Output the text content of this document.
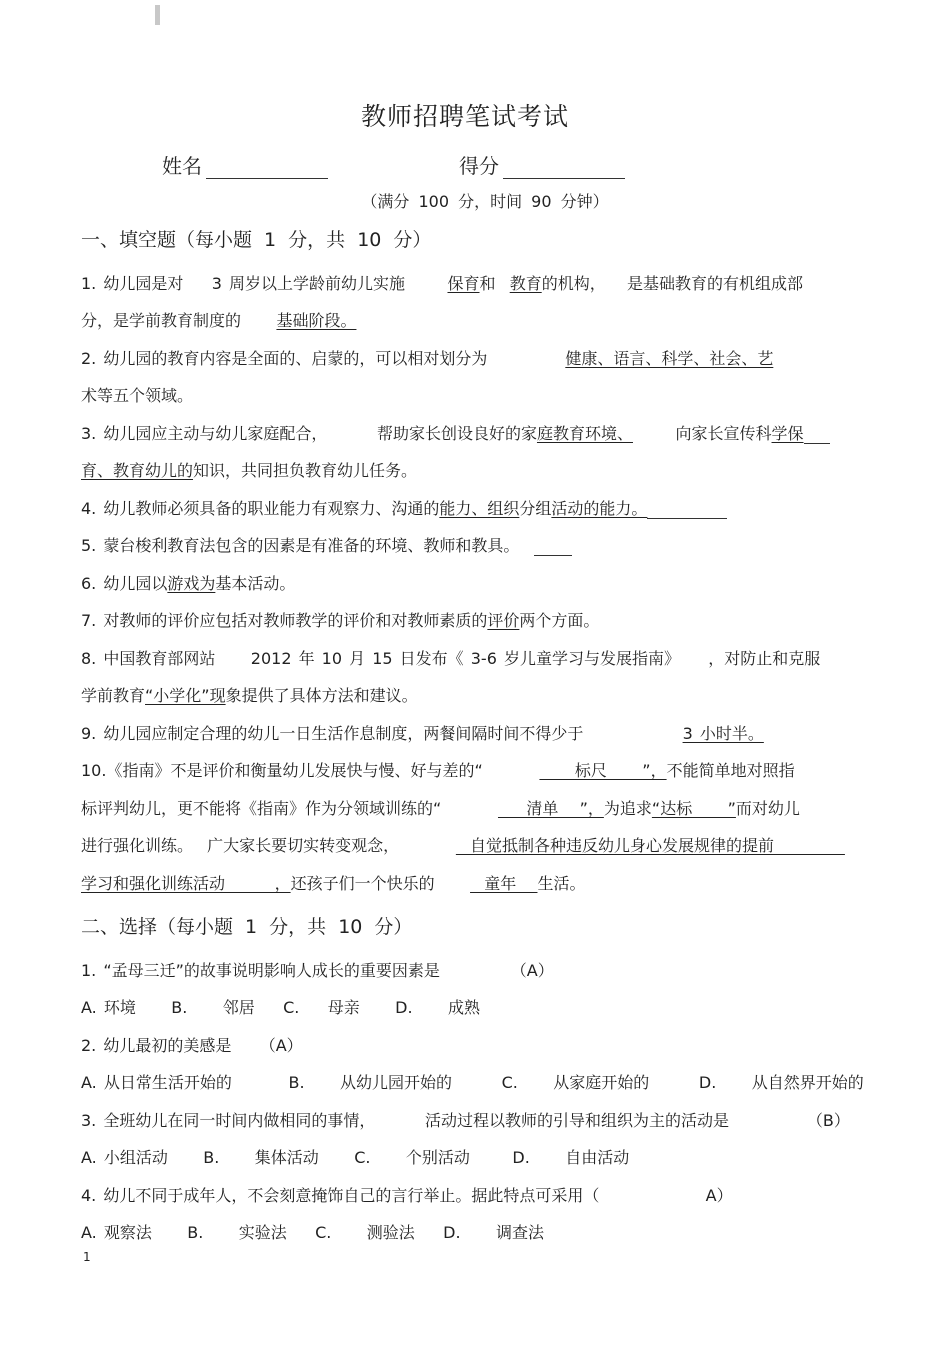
教师招聘笔试考试
姓名	得分
（满分 100 分，时间 90 分钟）
一、填空题（每小题 1 分，共 10 分）
1. 幼儿园是对    3 周岁以上学龄前幼儿实施      保育和  教育的机构，   是基础教育的有机组成部
分，是学前教育制度的     基础阶段。
2. 幼儿园的教育内容是全面的、启蒙的，可以相对划分为           健康、语言、科学、社会、艺
术等五个领域。
3. 幼儿园应主动与幼儿家庭配合，       帮助家长创设良好的家庭教育环境、      向家长宣传科学保
育、教育幼儿的知识，共同担负教育幼儿任务。
4. 幼儿教师必须具备的职业能力有观察力、沟通的能力、组织分组活动的能力。
5. 蒙台梭利教育法包含的因素是有准备的环境、教师和教具。
6. 幼儿园以游戏为基本活动。
7. 对教师的评价应包括对教师教学的评价和对教师素质的评价两个方面。
8. 中国教育部网站     2012 年 10 月 15 日发布《 3-6 岁儿童学习与发展指南》    ，对防止和克服
学前教育“小学化”现象提供了具体方法和建议。
9. 幼儿园应制定合理的幼儿一日生活作息制度，两餐间隔时间不得少于              3 小时半。
10.《指南》不是评价和衡量幼儿发展快与慢、好与差的“             标尺     ”，不能简单地对照指
标评判幼儿，更不能将《指南》作为分领域训练的“            清单   ”，为追求“达标     ”而对幼儿
进行强化训练。  广大家长要切实转变观念，          自觉抵制各种违反幼儿身心发展规律的提前
学习和强化训练活动       ，还孩子们一个快乐的       童年   生活。
二、选择（每小题 1 分，共 10 分）
1. “孟母三迁”的故事说明影响人成长的重要因素是          （A）
A. 环境     B.     邻居    C.    母亲     D.     成熟
2. 幼儿最初的美感是    （A）
A. 从日常生活开始的        B.     从幼儿园开始的       C.     从家庭开始的       D.     从自然界开始的
3. 全班幼儿在同一时间内做相同的事情，       活动过程以教师的引导和组织为主的活动是           （B）
A. 小组活动     B.     集体活动     C.     个别活动      D.     自由活动
4. 幼儿不同于成年人，不会刻意掩饰自己的言行举止。据此特点可采用（               A）
A. 观察法     B.     实验法    C.     测验法    D.     调查法
1
